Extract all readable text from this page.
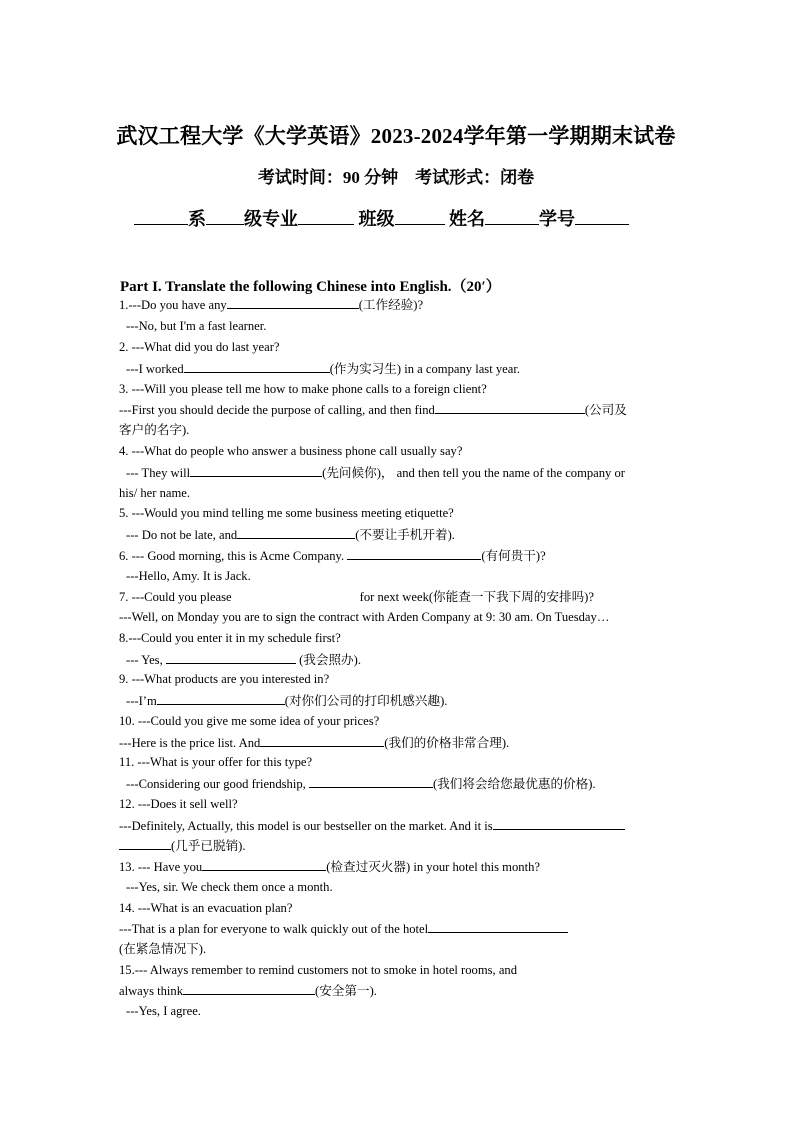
武汉工程大学《大学英语》2023-2024学年第一学期期末试卷
考试时间：90 分钟　考试形式：闭卷
系 级专业	班级	姓名	学号
Part I. Translate the following Chinese into English.（20′）
1.---Do you have any	(工作经验)?
---No, but I'm a fast learner.
2. ---What did you do last year?
---I worked	(作为实习生) in a company last year.
3. ---Will you please tell me how to make phone calls to a foreign client?
---First you should decide the purpose of calling, and then find	(公司及
客户的名字).
4. ---What do people who answer a business phone call usually say?
--- They will	(先问候你)， and then tell you the name of the company or
his/ her name.
5. ---Would you mind telling me some business meeting etiquette?
--- Do not be late, and	(不要让手机开着).
6. --- Good morning, this is Acme Company.	(有何贵干)?
---Hello, Amy. It is Jack.
7. ---Could you please	for next week(你能查一下我下周的安排吗)?
---Well, on Monday you are to sign the contract with Arden Company at 9: 30 am. On Tuesday…
8.---Could you enter it in my schedule first?
--- Yes,	(我会照办).
9. ---What products are you interested in?
---I’m	(对你们公司的打印机感兴趣).
10. ---Could you give me some idea of your prices?
---Here is the price list. And	(我们的价格非常合理).
11. ---What is your offer for this type?
---Considering our good friendship,	(我们将会给您最优惠的价格).
12. ---Does it sell well?
---Definitely, Actually, this model is our bestseller on the market. And it is
(几乎已脱销).
13. --- Have you	(检查过灭火器) in your hotel this month?
---Yes, sir. We check them once a month.
14. ---What is an evacuation plan?
---That is a plan for everyone to walk quickly out of the hotel
(在紧急情况下).
15.--- Always remember to remind customers not to smoke in hotel rooms, and
always think	(安全第一).
---Yes, I agree.
